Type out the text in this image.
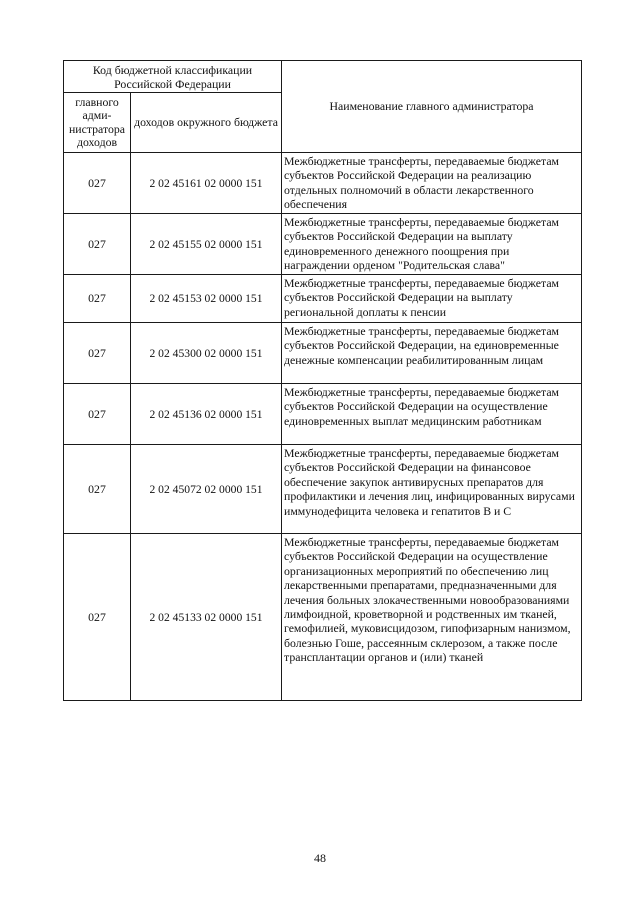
Код бюджетной классификации Российской Федерации		Наименование главного администратора
главного адми-нистратора доходов	доходов окружного бюджета	
027	2 02 45161 02 0000 151	Межбюджетные трансферты, передаваемые бюджетам субъектов Российской Федерации на реализацию отдельных полномочий в области лекарственного обеспечения
027	2 02 45155 02 0000 151	Межбюджетные трансферты, передаваемые бюджетам субъектов Российской Федерации на выплату единовременного денежного поощрения при награждении орденом "Родительская слава"
027	2 02 45153 02 0000 151	Межбюджетные трансферты, передаваемые бюджетам субъектов Российской Федерации на выплату региональной доплаты к пенсии
027	2 02 45300 02 0000 151	Межбюджетные трансферты, передаваемые бюджетам субъектов Российской Федерации, на единовременные денежные компенсации реабилитированным лицам
027	2 02 45136 02 0000 151	Межбюджетные трансферты, передаваемые бюджетам субъектов Российской Федерации на осуществление единовременных выплат медицинским работникам
027	2 02 45072 02 0000 151	Межбюджетные трансферты, передаваемые бюджетам субъектов Российской Федерации на финансовое обеспечение закупок антивирусных препаратов для профилактики и лечения лиц, инфицированных вирусами иммунодефицита человека и гепатитов В и С
027	2 02 45133 02 0000 151	Межбюджетные трансферты, передаваемые бюджетам субъектов Российской Федерации на осуществление организационных мероприятий по обеспечению лиц лекарственными препаратами, предназначенными для лечения больных злокачественными новообразованиями лимфоидной, кроветворной и родственных им тканей, гемофилией, муковисцидозом, гипофизарным нанизмом, болезнью Гоше, рассеянным склерозом, а также после трансплантации органов и (или) тканей
48
